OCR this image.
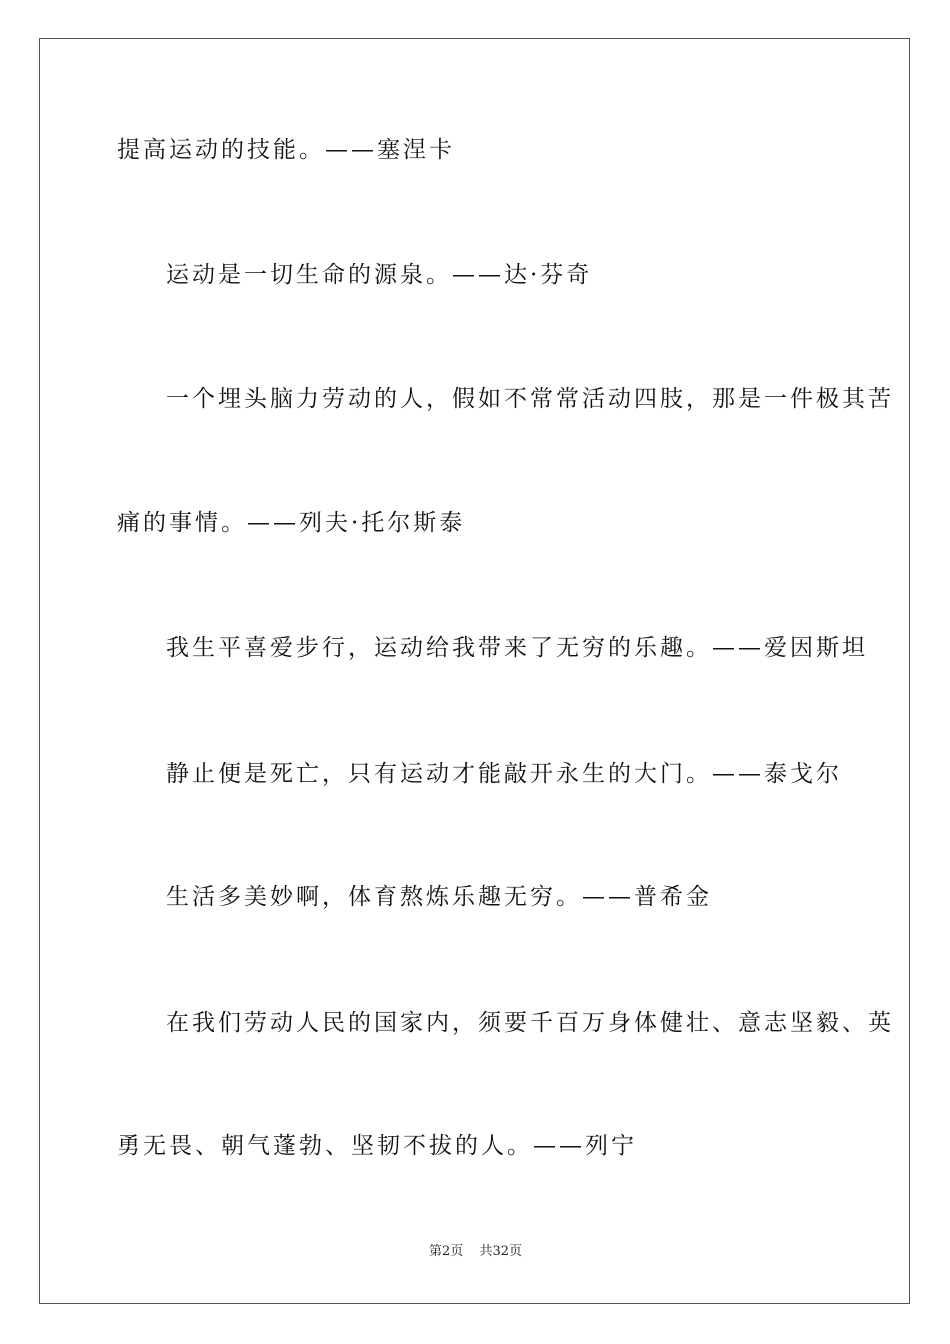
提高运动的技能。——塞涅卡
运动是一切生命的源泉。——达·芬奇
一个埋头脑力劳动的人，假如不常常活动四肢，那是一件极其苦
痛的事情。——列夫·托尔斯泰
我生平喜爱步行，运动给我带来了无穷的乐趣。——爱因斯坦
静止便是死亡，只有运动才能敲开永生的大门。——泰戈尔
生活多美妙啊，体育熬炼乐趣无穷。——普希金
在我们劳动人民的国家内，须要千百万身体健壮、意志坚毅、英
勇无畏、朝气蓬勃、坚韧不拔的人。——列宁
第2页 共32页
